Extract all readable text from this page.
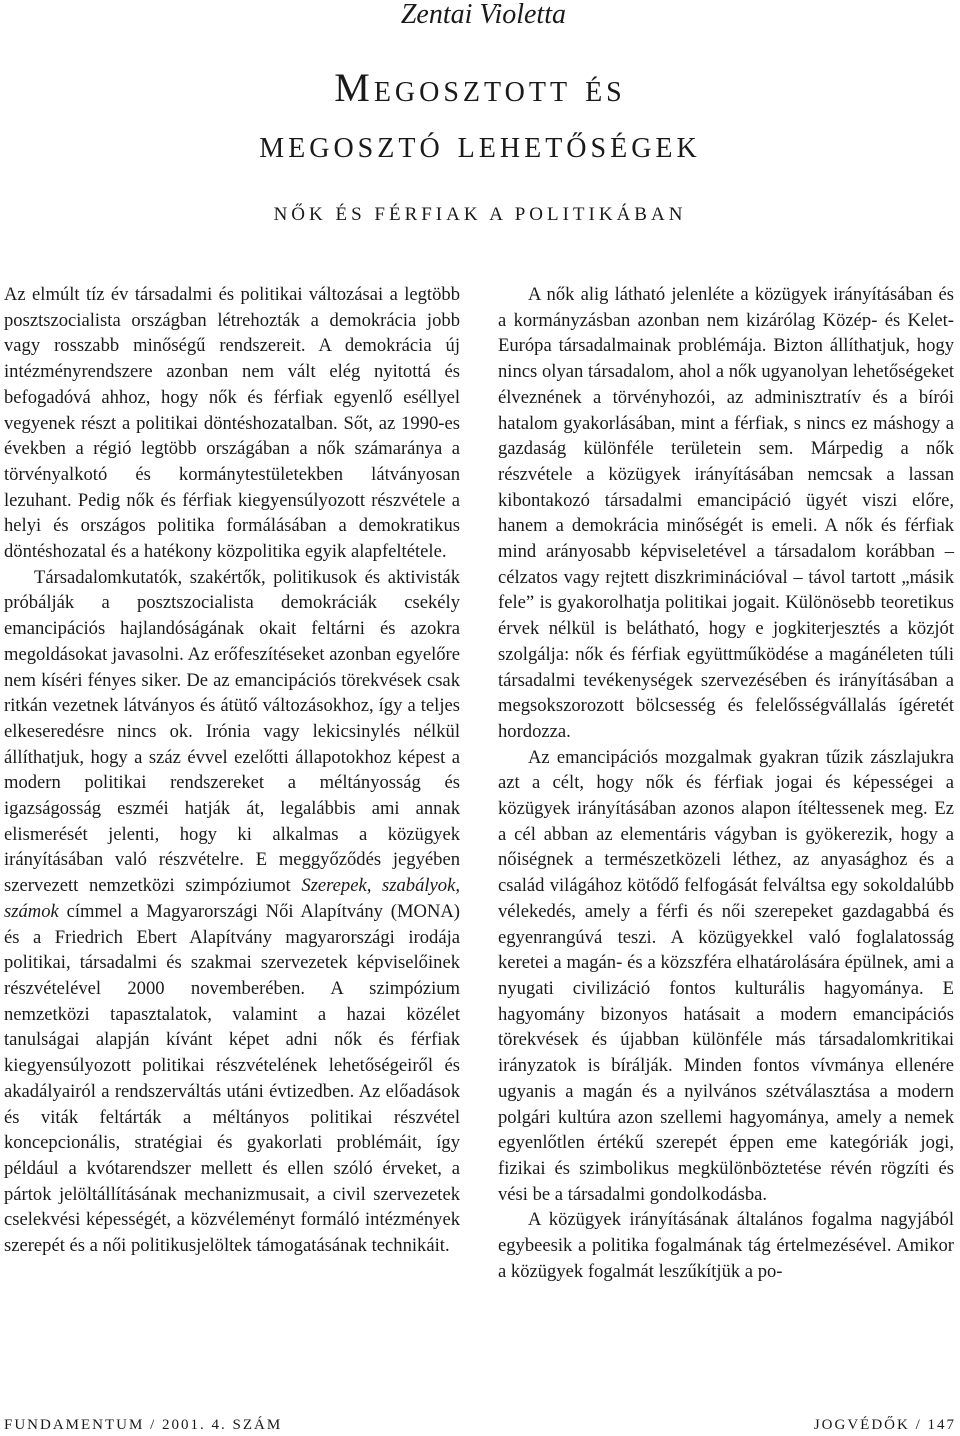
Zentai Violetta
Megosztott és
megosztó lehetőségek
NŐK ÉS FÉRFIAK A POLITIKÁBAN

Az elmúlt tíz év társadalmi és politikai változásai a legtöbb posztszocialista országban létrehozták a demokrácia jobb vagy rosszabb minőségű rendszereit. A demokrácia új intézményrendszere azonban nem vált elég nyitottá és befogadóvá ahhoz, hogy nők és férfiak egyenlő eséllyel vegyenek részt a politikai döntéshozatalban. Sőt, az 1990-es években a régió legtöbb országában a nők számaránya a törvényalkotó és kormánytestületekben látványosan lezuhant. Pedig nők és férfiak kiegyensúlyozott részvétele a helyi és országos politika formálásában a demokratikus döntéshozatal és a hatékony közpolitika egyik alapfeltétele.

Társadalomkutatók, szakértők, politikusok és aktivisták próbálják a posztszocialista demokráciák csekély emancipációs hajlandóságának okait feltárni és azokra megoldásokat javasolni. Az erőfeszítéseket azonban egyelőre nem kíséri fényes siker. De az emancipációs törekvések csak ritkán vezetnek látványos és átütő változásokhoz, így a teljes elkeseredésre nincs ok. Irónia vagy lekicsinylés nélkül állíthatjuk, hogy a száz évvel ezelőtti állapotokhoz képest a modern politikai rendszereket a méltányosság és igazságosság eszméi hatják át, legalábbis ami annak elismerését jelenti, hogy ki alkalmas a közügyek irányításában való részvételre. E meggyőződés jegyében szervezett nemzetközi szimpóziumot Szerepek, szabályok, számok címmel a Magyarországi Női Alapítvány (MONA) és a Friedrich Ebert Alapítvány magyarországi irodája politikai, társadalmi és szakmai szervezetek képviselőinek részvételével 2000 novemberében. A szimpózium nemzetközi tapasztalatok, valamint a hazai közélet tanulságai alapján kívánt képet adni nők és férfiak kiegyensúlyozott politikai részvételének lehetőségeiről és akadályairól a rendszerváltás utáni évtizedben. Az előadások és viták feltárták a méltányos politikai részvétel koncepcionális, stratégiai és gyakorlati problémáit, így például a kvótarendszer mellett és ellen szóló érveket, a pártok jelöltállításának mechanizmusait, a civil szervezetek cselekvési képességét, a közvéleményt formáló intézmények szerepét és a női politikusjelöltek támogatásának technikáit.

A nők alig látható jelenléte a közügyek irányításában és a kormányzásban azonban nem kizárólag Közép- és Kelet-Európa társadalmainak problémája. Bizton állíthatjuk, hogy nincs olyan társadalom, ahol a nők ugyanolyan lehetőségeket élveznének a törvényhozói, az adminisztratív és a bírói hatalom gyakorlásában, mint a férfiak, s nincs ez máshogy a gazdaság különféle területein sem. Márpedig a nők részvétele a közügyek irányításában nemcsak a lassan kibontakozó társadalmi emancipáció ügyét viszi előre, hanem a demokrácia minőségét is emeli. A nők és férfiak mind arányosabb képviseletével a társadalom korábban – célzatos vagy rejtett diszkriminációval – távol tartott „másik fele” is gyakorolhatja politikai jogait. Különösebb teoretikus érvek nélkül is belátható, hogy e jogkiterjesztés a közjót szolgálja: nők és férfiak együttműködése a magánéleten túli társadalmi tevékenységek szervezésében és irányításában a megsokszorozott bölcsesség és felelősségvállalás ígéretét hordozza.

Az emancipációs mozgalmak gyakran tűzik zászlajukra azt a célt, hogy nők és férfiak jogai és képességei a közügyek irányításában azonos alapon ítéltessenek meg. Ez a cél abban az elementáris vágyban is gyökerezik, hogy a nőiségnek a természetközeli léthez, az anyasághoz és a család világához kötődő felfogását felváltsa egy sokoldalúbb vélekedés, amely a férfi és női szerepeket gazdagabbá és egyenrangúvá teszi. A közügyekkel való foglalatosság keretei a magán- és a közszféra elhatárolására épülnek, ami a nyugati civilizáció fontos kulturális hagyománya. E hagyomány bizonyos hatásait a modern emancipációs törekvések és újabban különféle más társadalomkritikai irányzatok is bírálják. Minden fontos vívmánya ellenére ugyanis a magán és a nyilvános szétválasztása a modern polgári kultúra azon szellemi hagyománya, amely a nemek egyenlőtlen értékű szerepét éppen eme kategóriák jogi, fizikai és szimbolikus megkülönböztetése révén rögzíti és vési be a társadalmi gondolkodásba.

A közügyek irányításának általános fogalma nagyjából egybeesik a politika fogalmának tág értelmezésével. Amikor a közügyek fogalmát leszűkítjük a po-

FUNDAMENTUM / 2001. 4. SZÁM	JOGVÉDŐK / 147
